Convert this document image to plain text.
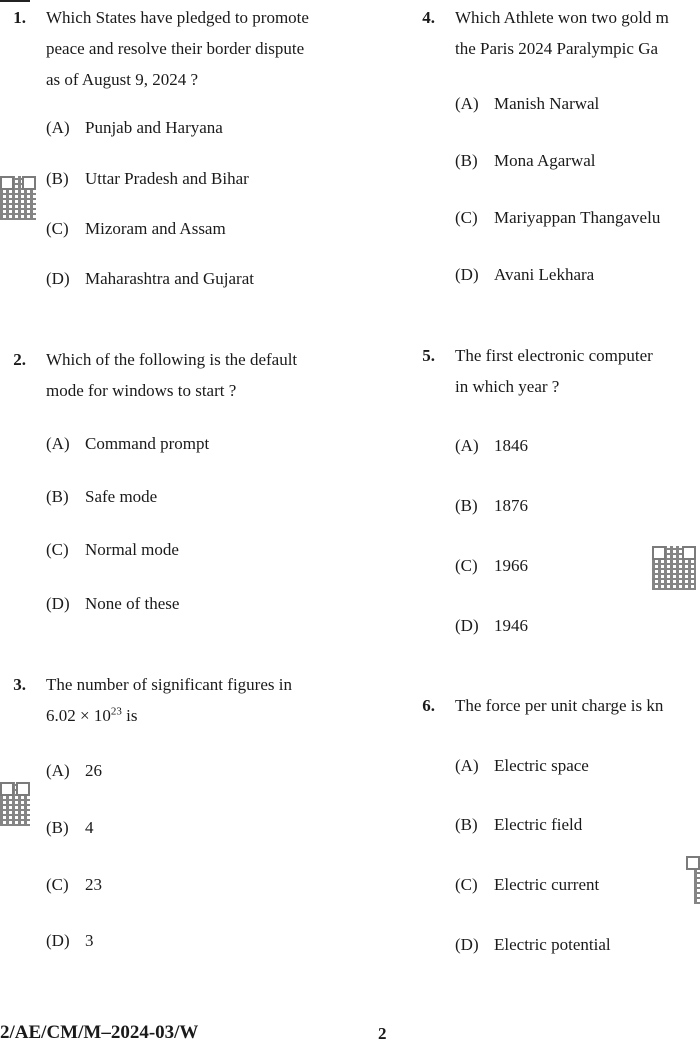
1. Which States have pledged to promote
peace and resolve their border dispute
as of August 9, 2024 ?
(A) Punjab and Haryana
(B) Uttar Pradesh and Bihar
(C) Mizoram and Assam
(D) Maharashtra and Gujarat
2. Which of the following is the default
mode for windows to start ?
(A) Command prompt
(B) Safe mode
(C) Normal mode
(D) None of these
3. The number of significant figures in
$6.02 \times 10^{23}$ is
(A) 26
(B) 4
(C) 23
(D) 3
4. Which Athlete won two gold m
the Paris 2024 Paralympic Ga
(A) Manish Narwal
(B) Mona Agarwal
(C) Mariyappan Thangavelu
(D) Avani Lekhara
5. The first electronic computer
in which year ?
(A) 1846
(B) 1876
(C) 1966
(D) 1946
6. The force per unit charge is kn
(A) Electric space
(B) Electric field
(C) Electric current
(D) Electric potential
2/AE/CM/M–2024-03/W	2
